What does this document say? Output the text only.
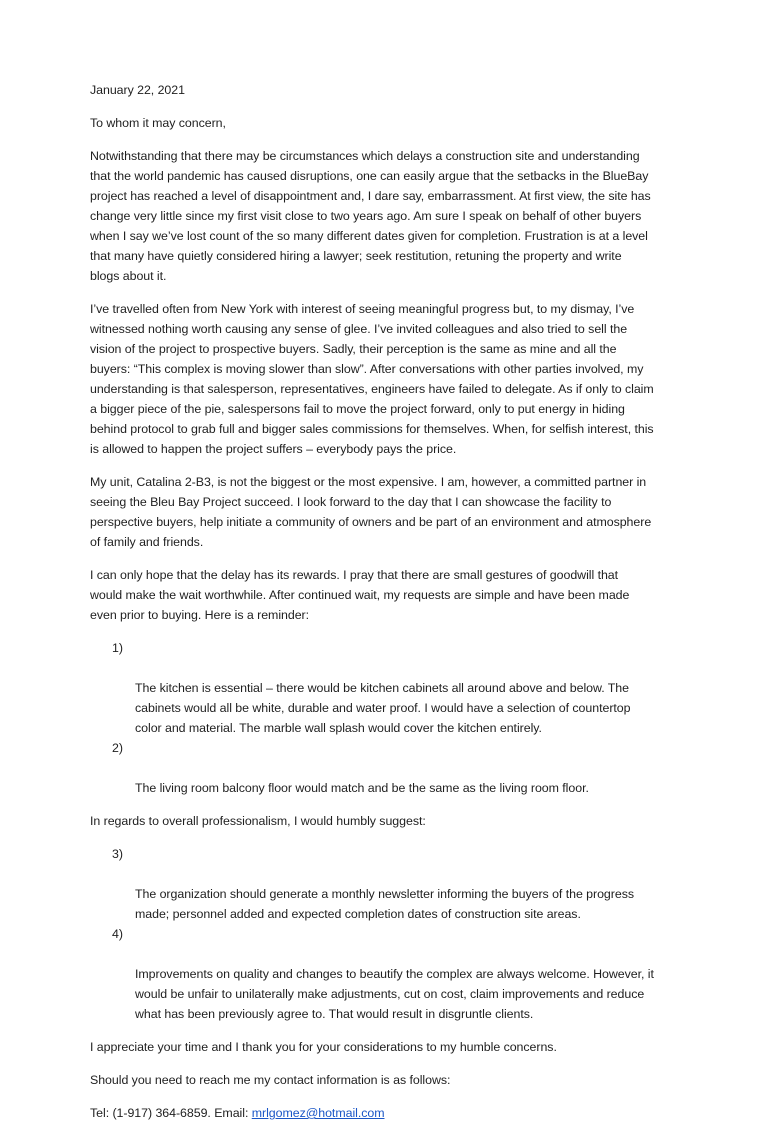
January 22, 2021

To whom it may concern,

Notwithstanding that there may be circumstances which delays a construction site and understanding
that the world pandemic has caused disruptions, one can easily argue that the setbacks in the BlueBay
project has reached a level of disappointment and, I dare say, embarrassment. At first view, the site has
change very little since my first visit close to two years ago. Am sure I speak on behalf of other buyers
when I say we’ve lost count of the so many different dates given for completion. Frustration is at a level
that many have quietly considered hiring a lawyer; seek restitution, retuning the property and write
blogs about it.

I’ve travelled often from New York with interest of seeing meaningful progress but, to my dismay, I’ve
witnessed nothing worth causing any sense of glee. I’ve invited colleagues and also tried to sell the
vision of the project to prospective buyers. Sadly, their perception is the same as mine and all the
buyers: “This complex is moving slower than slow”. After conversations with other parties involved, my
understanding is that salesperson, representatives, engineers have failed to delegate. As if only to claim
a bigger piece of the pie, salespersons fail to move the project forward, only to put energy in hiding
behind protocol to grab full and bigger sales commissions for themselves. When, for selfish interest, this
is allowed to happen the project suffers – everybody pays the price.

My unit, Catalina 2-B3, is not the biggest or the most expensive. I am, however, a committed partner in
seeing the Bleu Bay Project succeed. I look forward to the day that I can showcase the facility to
perspective buyers, help initiate a community of owners and be part of an environment and atmosphere
of family and friends.

I can only hope that the delay has its rewards. I pray that there are small gestures of goodwill that
would make the wait worthwhile. After continued wait, my requests are simple and have been made
even prior to buying. Here is a reminder:

1)

The kitchen is essential – there would be kitchen cabinets all around above and below. The
cabinets would all be white, durable and water proof. I would have a selection of countertop
color and material. The marble wall splash would cover the kitchen entirely.

2)

The living room balcony floor would match and be the same as the living room floor.

In regards to overall professionalism, I would humbly suggest:

3)

The organization should generate a monthly newsletter informing the buyers of the progress
made; personnel added and expected completion dates of construction site areas.

4)

Improvements on quality and changes to beautify the complex are always welcome. However, it
would be unfair to unilaterally make adjustments, cut on cost, claim improvements and reduce
what has been previously agree to. That would result in disgruntle clients.

I appreciate your time and I thank you for your considerations to my humble concerns.

Should you need to reach me my contact information is as follows:

Tel: (1-917) 364-6859. Email: mrlgomez@hotmail.com
